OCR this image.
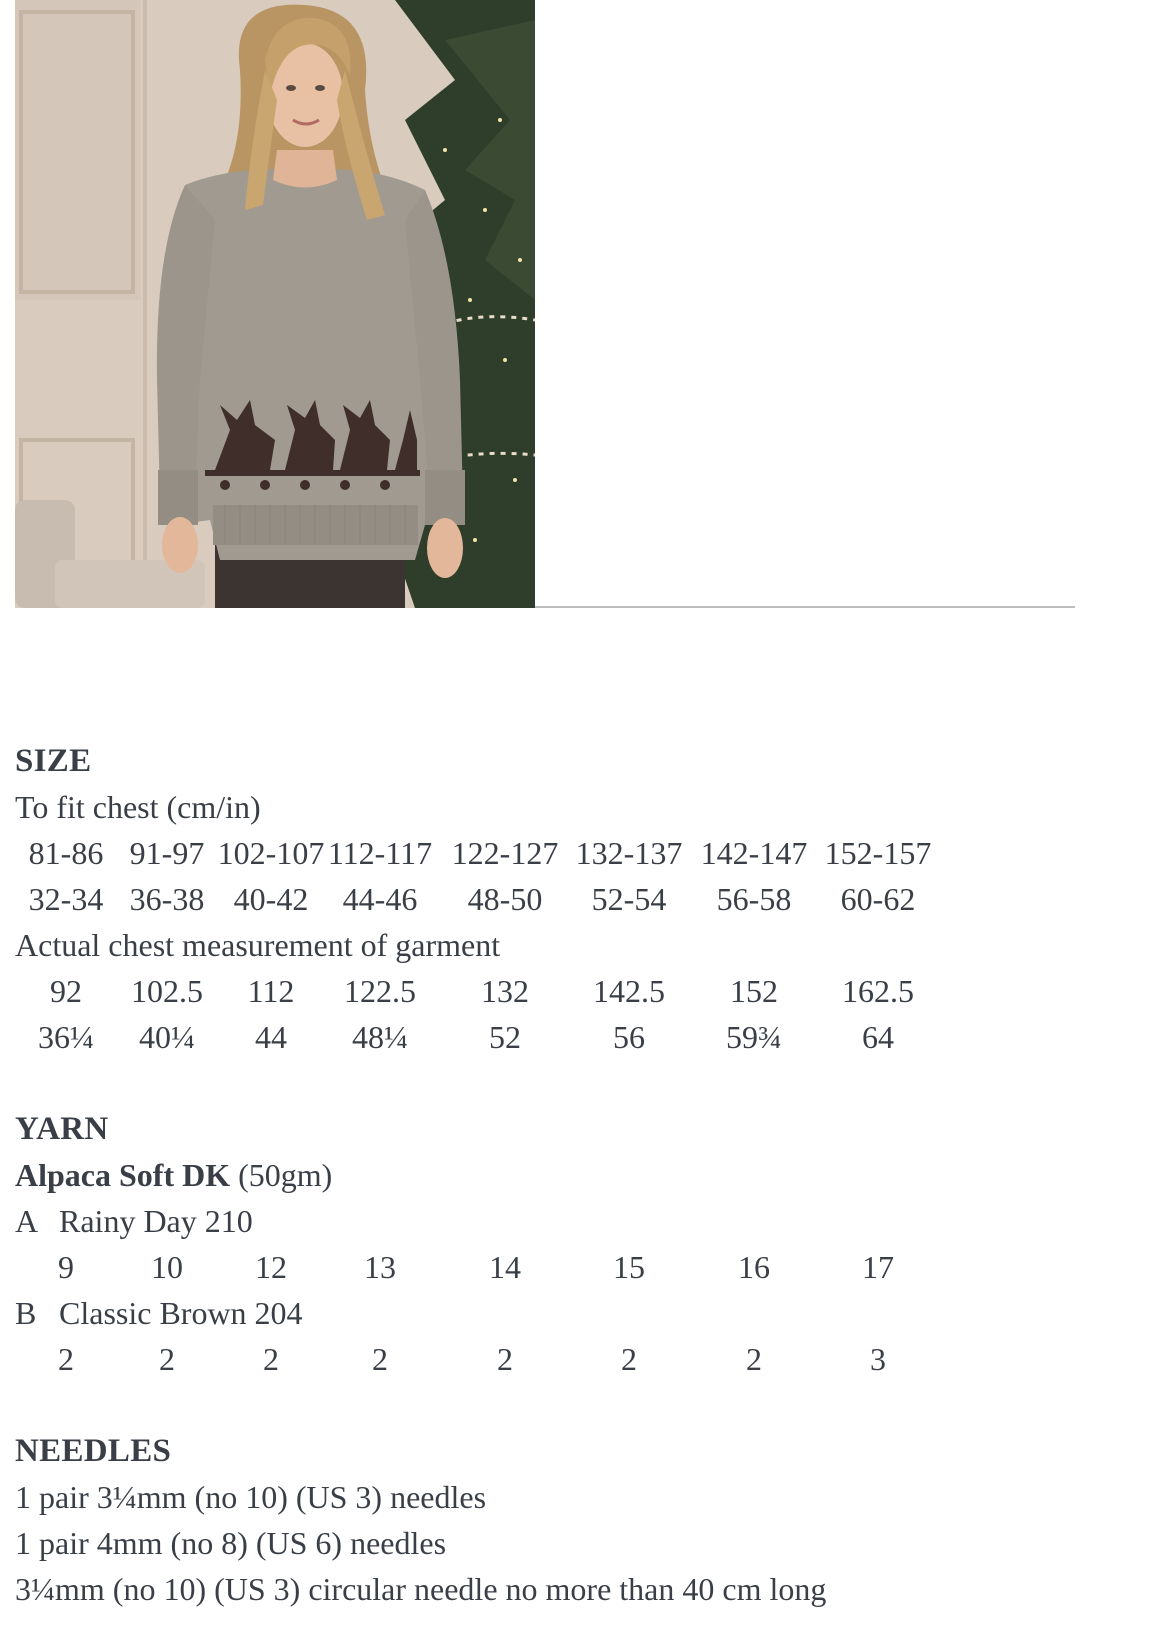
SIZE
To fit chest (cm/in)
81-86 91-97 102-107 112-117 122-127 132-137 142-147 152-157
32-34 36-38 40-42 44-46 48-50 52-54 56-58 60-62
Actual chest measurement of garment
92 102.5 112 122.5 132 142.5 152 162.5
36¼ 40¼ 44 48¼	52	56	59¾	64
YARN
Alpaca Soft DK (50gm)
A Rainy Day 210
9 10 12 13	14	15	16	17
B Classic Brown 204
2	2	2	2	2	2	2	3
NEEDLES
1 pair 3¼mm (no 10) (US 3) needles
1 pair 4mm (no 8) (US 6) needles
3¼mm (no 10) (US 3) circular needle no more than 40 cm long
